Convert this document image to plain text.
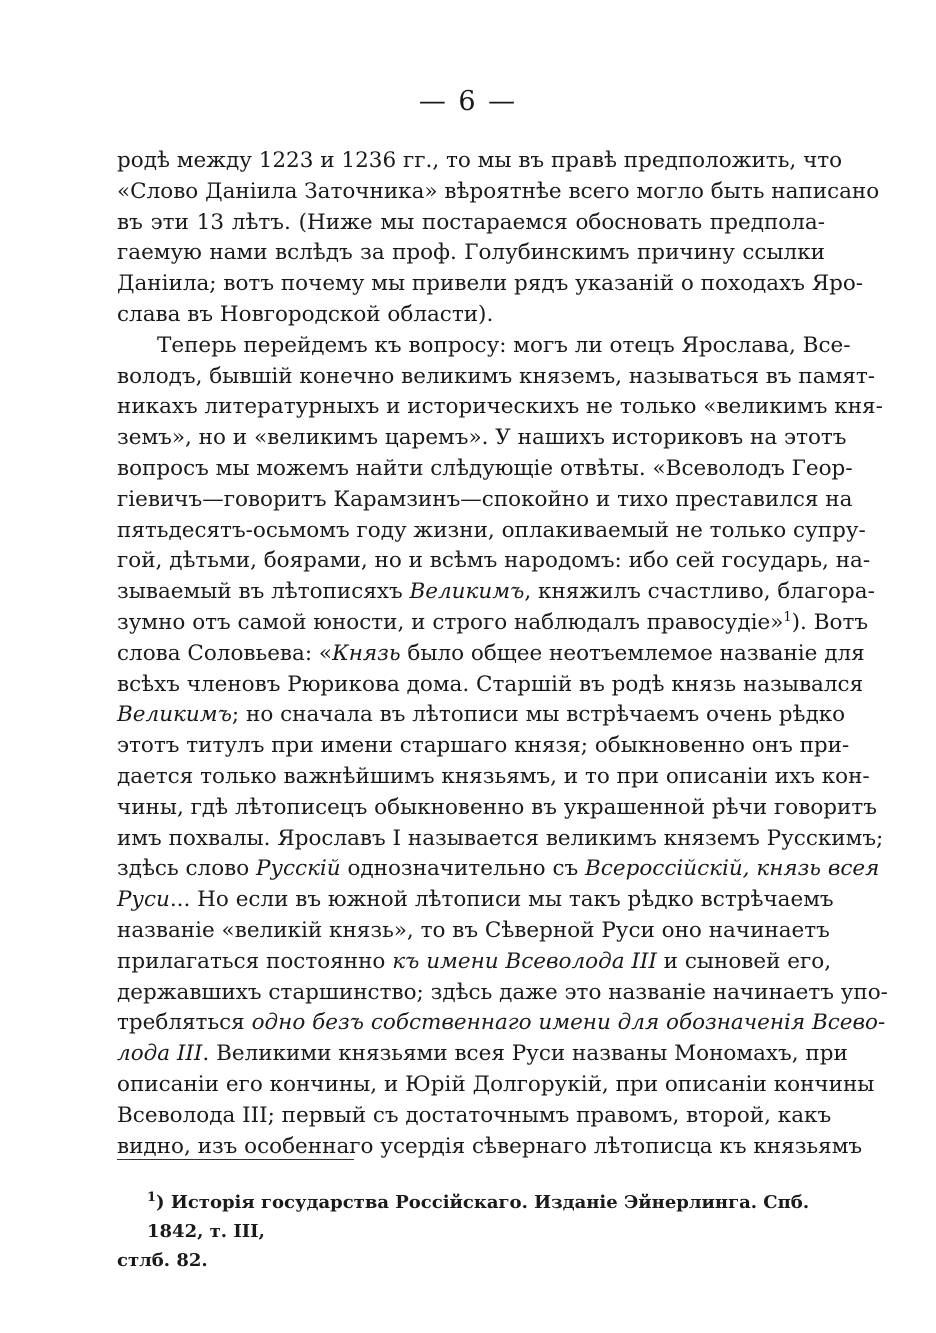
— 6 —
родѣ между 1223 и 1236 гг., то мы въ правѣ предположить, что
«Слово Даніила Заточника» вѣроятнѣе всего могло быть написано
въ эти 13 лѣтъ. (Ниже мы постараемся обосновать предпола-
гаемую нами вслѣдъ за проф. Голубинскимъ причину ссылки
Даніила; вотъ почему мы привели рядъ указаній о походахъ Яро-
слава въ Новгородской области).
Теперь перейдемъ къ вопросу: могъ ли отецъ Ярослава, Все-
володъ, бывшій конечно великимъ княземъ, называться въ памят-
никахъ литературныхъ и историческихъ не только «великимъ кня-
земъ», но и «великимъ царемъ». У нашихъ историковъ на этотъ
вопросъ мы можемъ найти слѣдующіе отвѣты. «Всеволодъ Геор-
гіевичъ—говоритъ Карамзинъ—спокойно и тихо преставился на
пятьдесятъ-осьмомъ году жизни, оплакиваемый не только супру-
гой, дѣтьми, боярами, но и всѣмъ народомъ: ибо сей государь, на-
зываемый въ лѣтописяхъ Великимъ, княжилъ счастливо, благора-
зумно отъ самой юности, и строго наблюдалъ правосудіе»$^1$). Вотъ
слова Соловьева: «Князь было общее неотъемлемое названіе для
всѣхъ членовъ Рюрикова дома. Старшій въ родѣ князь назывался
Великимъ; но сначала въ лѣтописи мы встрѣчаемъ очень рѣдко
этотъ титулъ при имени старшаго князя; обыкновенно онъ при-
дается только важнѣйшимъ князьямъ, и то при описаніи ихъ кон-
чины, гдѣ лѣтописецъ обыкновенно въ украшенной рѣчи говоритъ
имъ похвалы. Ярославъ I называется великимъ княземъ Русскимъ;
здѣсь слово Русскій однозначительно съ Всероссійскій, князь всея
Руси... Но если въ южной лѣтописи мы такъ рѣдко встрѣчаемъ
названіе «великій князь», то въ Сѣверной Руси оно начинаетъ
прилагаться постоянно къ имени Всеволода III и сыновей его,
державшихъ старшинство; здѣсь даже это названіе начинаетъ упо-
требляться одно безъ собственнаго имени для обозначенія Всево-
лода III. Великими князьями всея Руси названы Мономахъ, при
описаніи его кончины, и Юрій Долгорукій, при описаніи кончины
Всеволода III; первый съ достаточнымъ правомъ, второй, какъ
видно, изъ особеннаго усердія сѣвернаго лѣтописца къ князьямъ
$^1$) Исторія государства Россійскаго. Изданіе Эйнерлинга. Спб. 1842, т. III,
стлб. 82.
